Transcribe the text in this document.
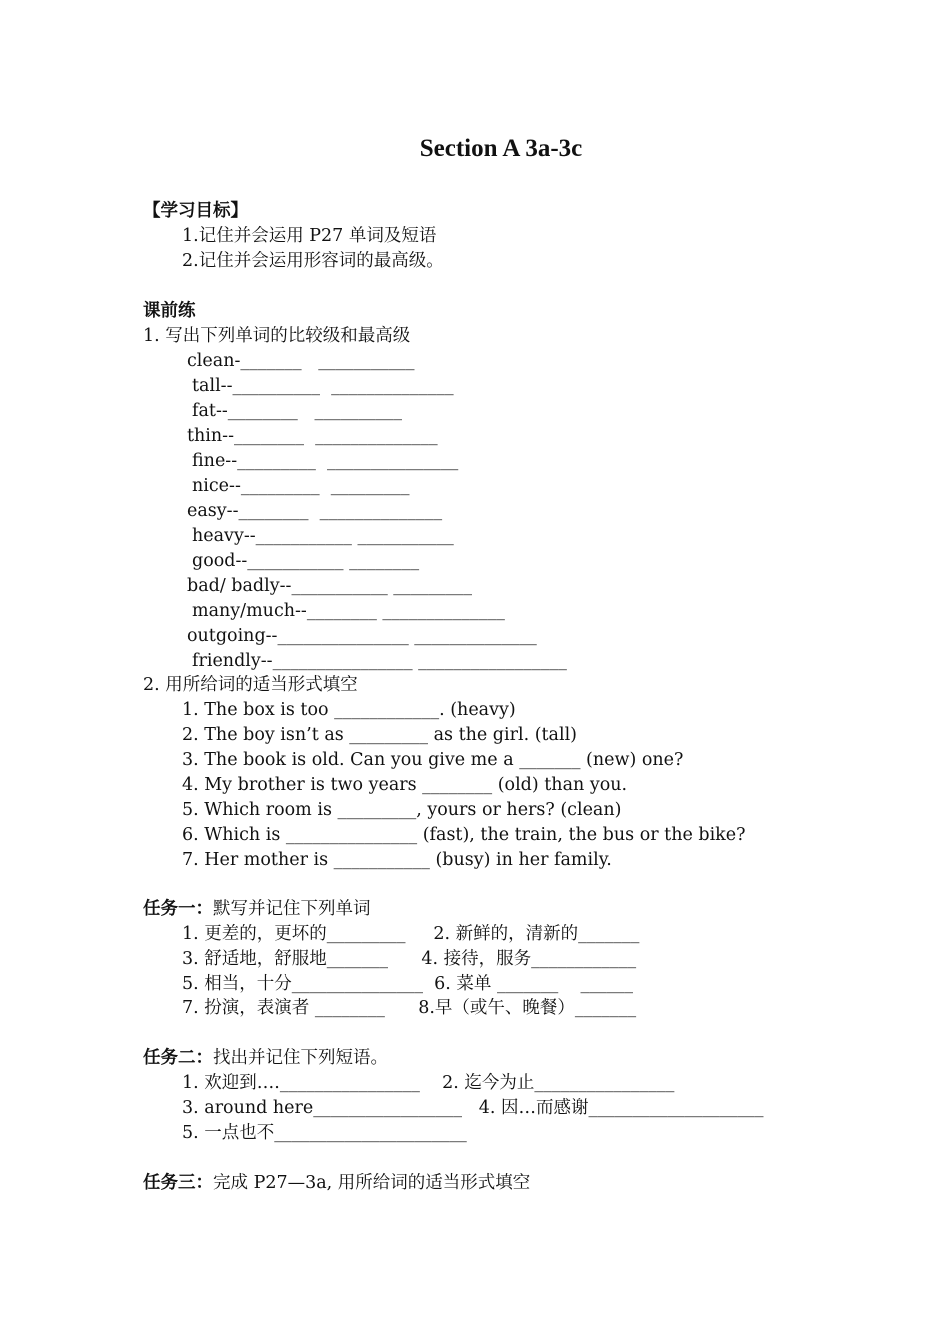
Section A 3a-3c
【学习目标】
1.记住并会运用 P27 单词及短语
2.记住并会运用形容词的最高级。
课前练
1. 写出下列单词的比较级和最高级
clean-_______   ___________
tall--__________  ______________
fat--________   __________
thin--________  ______________
fine--_________  _______________
nice--_________  _________
easy--________  ______________
heavy--___________ ___________
good--___________ ________
bad/ badly--___________ _________
many/much--________ ______________
outgoing--_______________ ______________
friendly--________________ _________________
2. 用所给词的适当形式填空
1. The box is too ____________. (heavy)
2. The boy isn’t as _________ as the girl. (tall)
3. The book is old. Can you give me a _______ (new) one?
4. My brother is two years ________ (old) than you.
5. Which room is _________, yours or hers? (clean)
6. Which is _______________ (fast), the train, the bus or the bike?
7. Her mother is ___________ (busy) in her family.
任务一：默写并记住下列单词
1. 更差的，更坏的_________     2. 新鲜的，清新的_______
3. 舒适地，舒服地_______      4. 接待，服务____________
5. 相当，十分_______________  6. 菜单 _______    ______
7. 扮演，表演者 ________      8.早（或午、晚餐）_______
任务二：找出并记住下列短语。
1. 欢迎到….________________    2. 迄今为止________________
3. around here_________________   4. 因…而感谢____________________
5. 一点也不______________________
任务三：完成 P27—3a, 用所给词的适当形式填空
